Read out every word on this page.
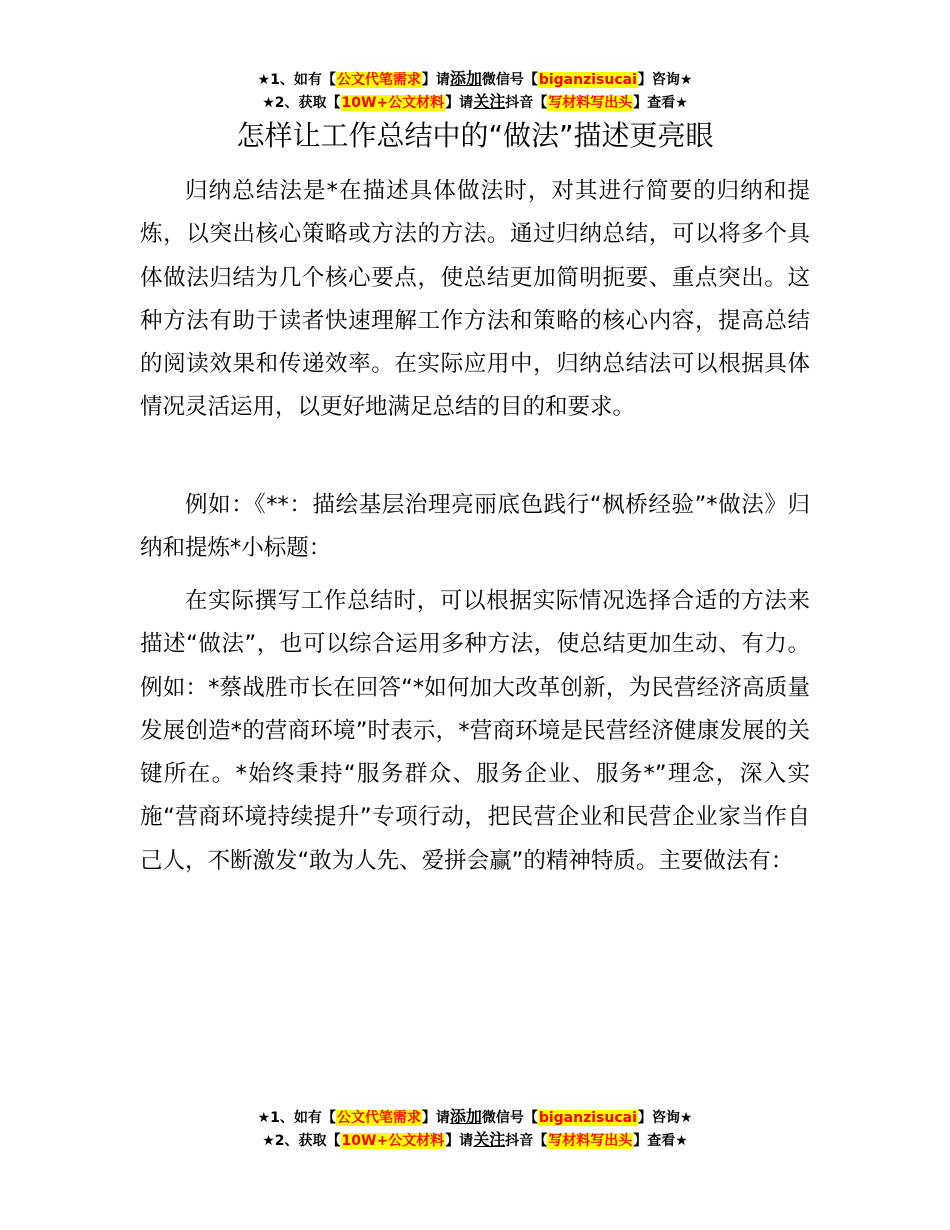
★1、如有【公文代笔需求】请添加微信号【biganzisucai】咨询★
★2、获取【10W+公文材料】请关注抖音【写材料写出头】查看★
怎样让工作总结中的“做法”描述更亮眼

归纳总结法是*在描述具体做法时，对其进行简要的归纳和提炼，以突出核心策略或方法的方法。通过归纳总结，可以将多个具体做法归结为几个核心要点，使总结更加简明扼要、重点突出。这种方法有助于读者快速理解工作方法和策略的核心内容，提高总结的阅读效果和传递效率。在实际应用中，归纳总结法可以根据具体情况灵活运用，以更好地满足总结的目的和要求。

例如：《**：描绘基层治理亮丽底色践行“枫桥经验”*做法》归纳和提炼*小标题：

在实际撰写工作总结时，可以根据实际情况选择合适的方法来描述“做法”，也可以综合运用多种方法，使总结更加生动、有力。例如：*蔡战胜市长在回答“*如何加大改革创新，为民营经济高质量发展创造*的营商环境”时表示，*营商环境是民营经济健康发展的关键所在。*始终秉持“服务群众、服务企业、服务*”理念，深入实施“营商环境持续提升”专项行动，把民营企业和民营企业家当作自己人，不断激发“敢为人先、爱拼会赢”的精神特质。主要做法有：

★1、如有【公文代笔需求】请添加微信号【biganzisucai】咨询★
★2、获取【10W+公文材料】请关注抖音【写材料写出头】查看★
